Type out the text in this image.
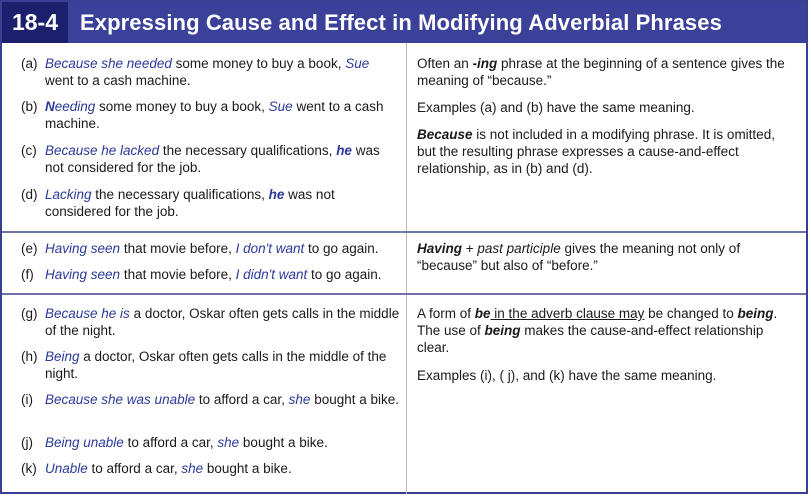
18-4 Expressing Cause and Effect in Modifying Adverbial Phrases
(a) Because she needed some money to buy a book, Sue went to a cash machine.
(b) Needing some money to buy a book, Sue went to a cash machine.
(c) Because he lacked the necessary qualifications, he was not considered for the job.
(d) Lacking the necessary qualifications, he was not considered for the job.

Often an -ing phrase at the beginning of a sentence gives the meaning of “because.”

Examples (a) and (b) have the same meaning.

Because is not included in a modifying phrase. It is omitted, but the resulting phrase expresses a cause-and-effect relationship, as in (b) and (d).

(e) Having seen that movie before, I don't want to go again.
(f) Having seen that movie before, I didn't want to go again.

Having + past participle gives the meaning not only of “because” but also of “before.”

(g) Because he is a doctor, Oskar often gets calls in the middle of the night.
(h) Being a doctor, Oskar often gets calls in the middle of the night.
(i) Because she was unable to afford a car, she bought a bike.
(j) Being unable to afford a car, she bought a bike.
(k) Unable to afford a car, she bought a bike.

A form of be in the adverb clause may be changed to being. The use of being makes the cause-and-effect relationship clear.

Examples (i), ( j), and (k) have the same meaning.
